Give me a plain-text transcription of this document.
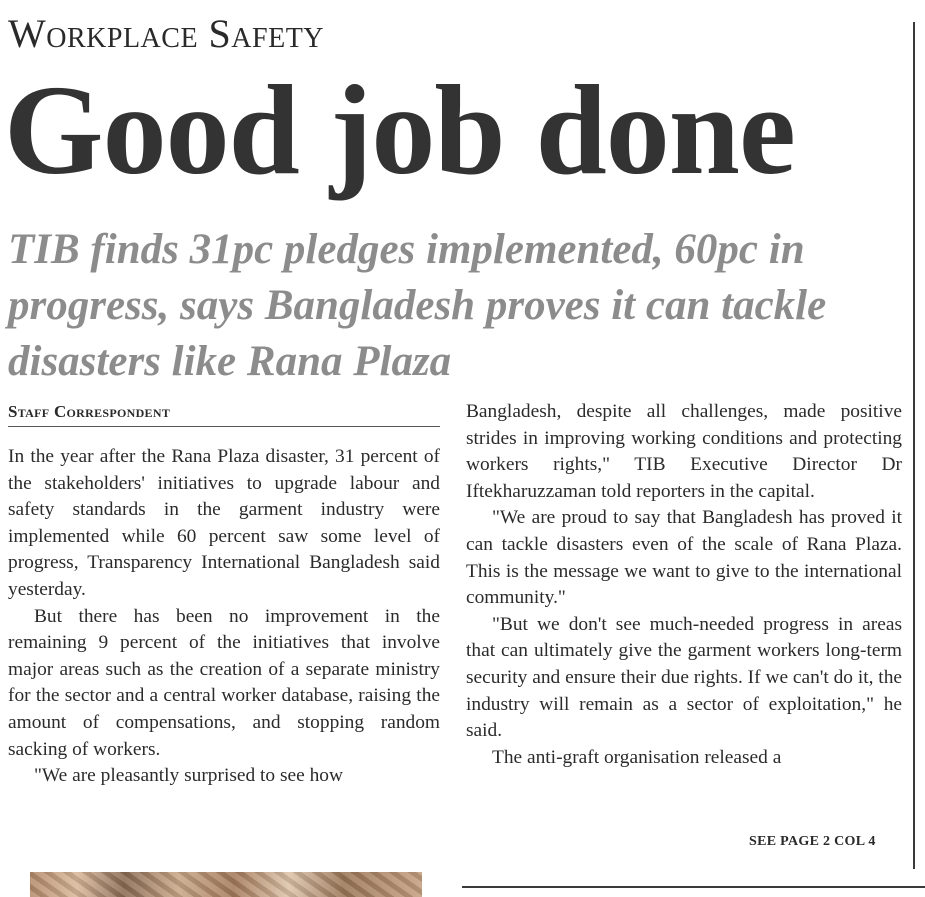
Workplace Safety
Good job done
TIB finds 31pc pledges implemented, 60pc in progress, says Bangladesh proves it can tackle disasters like Rana Plaza
Staff Correspondent

In the year after the Rana Plaza disaster, 31 percent of the stakeholders' initiatives to upgrade labour and safety standards in the garment industry were implemented while 60 percent saw some level of progress, Transparency International Bangladesh said yesterday.

But there has been no improvement in the remaining 9 percent of the initiatives that involve major areas such as the creation of a separate ministry for the sector and a central worker database, raising the amount of compensations, and stopping random sacking of workers.

"We are pleasantly surprised to see how

Bangladesh, despite all challenges, made positive strides in improving working conditions and protecting workers rights," TIB Executive Director Dr Iftekharuzzaman told reporters in the capital.

"We are proud to say that Bangladesh has proved it can tackle disasters even of the scale of Rana Plaza. This is the message we want to give to the international community."

"But we don't see much-needed progress in areas that can ultimately give the garment workers long-term security and ensure their due rights. If we can't do it, the industry will remain as a sector of exploitation," he said.

The anti-graft organisation released a

SEE PAGE 2 COL 4
